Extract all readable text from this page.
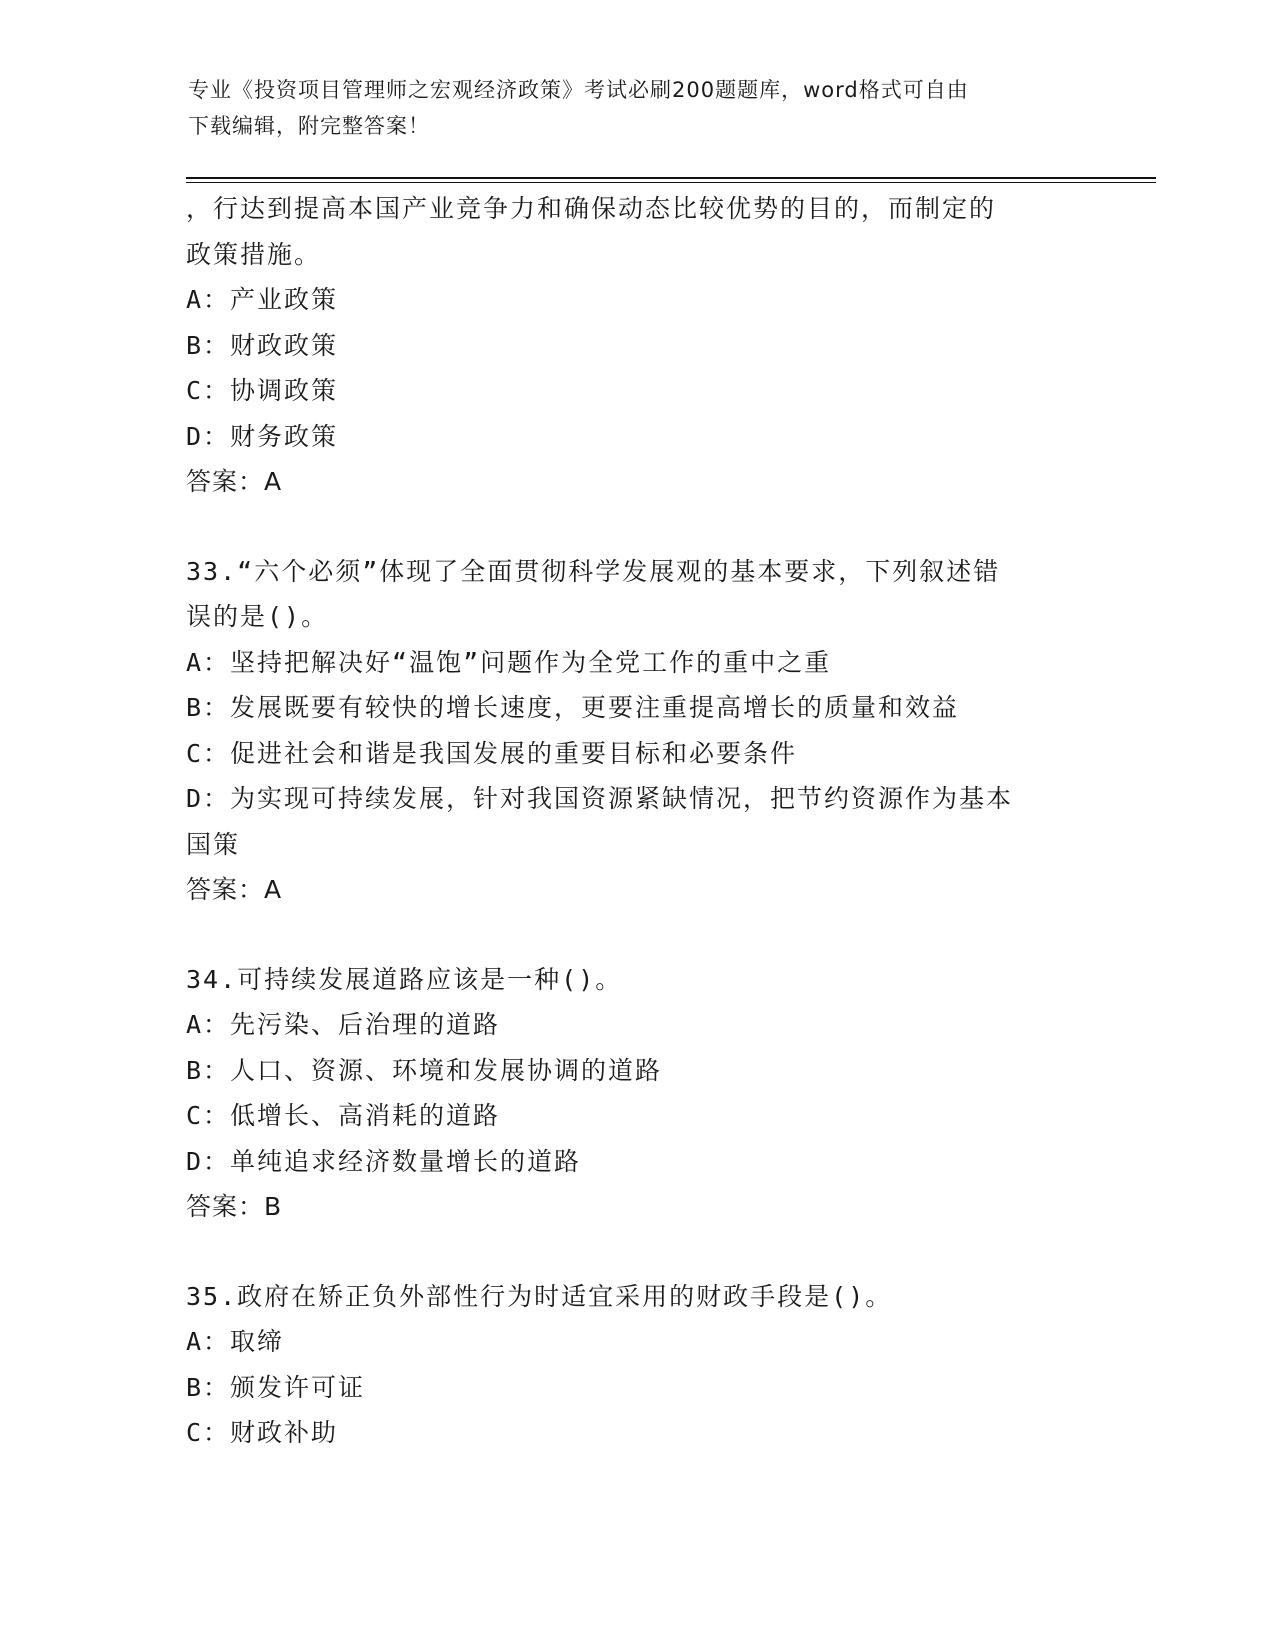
专业《投资项目管理师之宏观经济政策》考试必刷200题题库，word格式可自由
下载编辑，附完整答案！
，行达到提高本国产业竞争力和确保动态比较优势的目的，而制定的
政策措施。
A：产业政策
B：财政政策
C：协调政策
D：财务政策
答案：A
33.“六个必须”体现了全面贯彻科学发展观的基本要求，下列叙述错
误的是()。
A：坚持把解决好“温饱”问题作为全党工作的重中之重
B：发展既要有较快的增长速度，更要注重提高增长的质量和效益
C：促进社会和谐是我国发展的重要目标和必要条件
D：为实现可持续发展，针对我国资源紧缺情况，把节约资源作为基本
国策
答案：A
34.可持续发展道路应该是一种()。
A：先污染、后治理的道路
B：人口、资源、环境和发展协调的道路
C：低增长、高消耗的道路
D：单纯追求经济数量增长的道路
答案：B
35.政府在矫正负外部性行为时适宜采用的财政手段是()。
A：取缔
B：颁发许可证
C：财政补助
